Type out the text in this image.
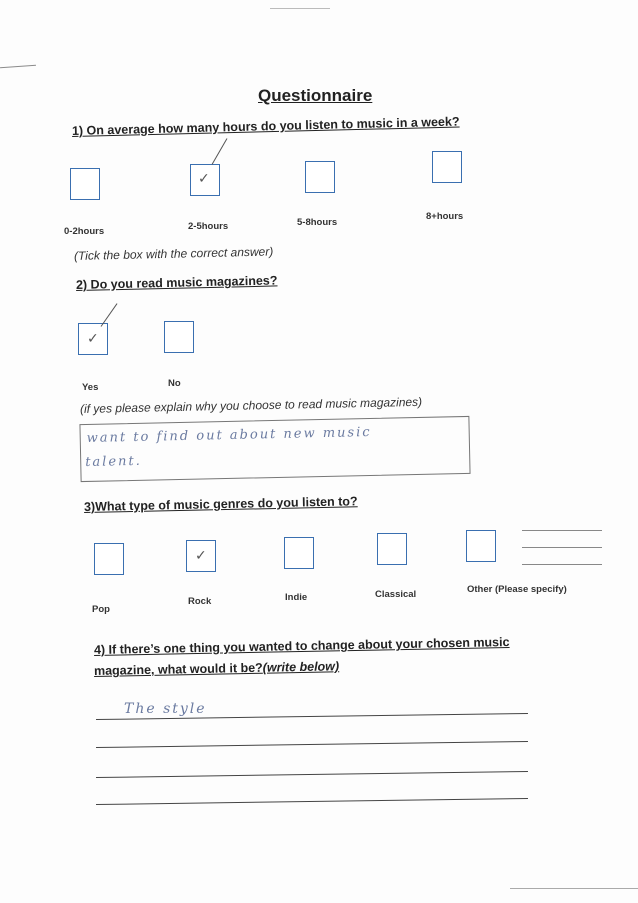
Questionnaire
1) On average how many hours do you listen to music in a week?
✓
0-2hours	2-5hours	5-8hours
8+hours
(Tick the box with the correct answer)
2) Do you read music magazines?
✓
Yes	No
(if yes please explain why you choose to read music magazines)
want to find out about new music
talent.
3)What type of music genres do you listen to?
✓
Pop
Rock	Indie	Classical	Other (Please specify)
4) If there’s one thing you wanted to change about your chosen music
magazine, what would it be?(write below)
The style
